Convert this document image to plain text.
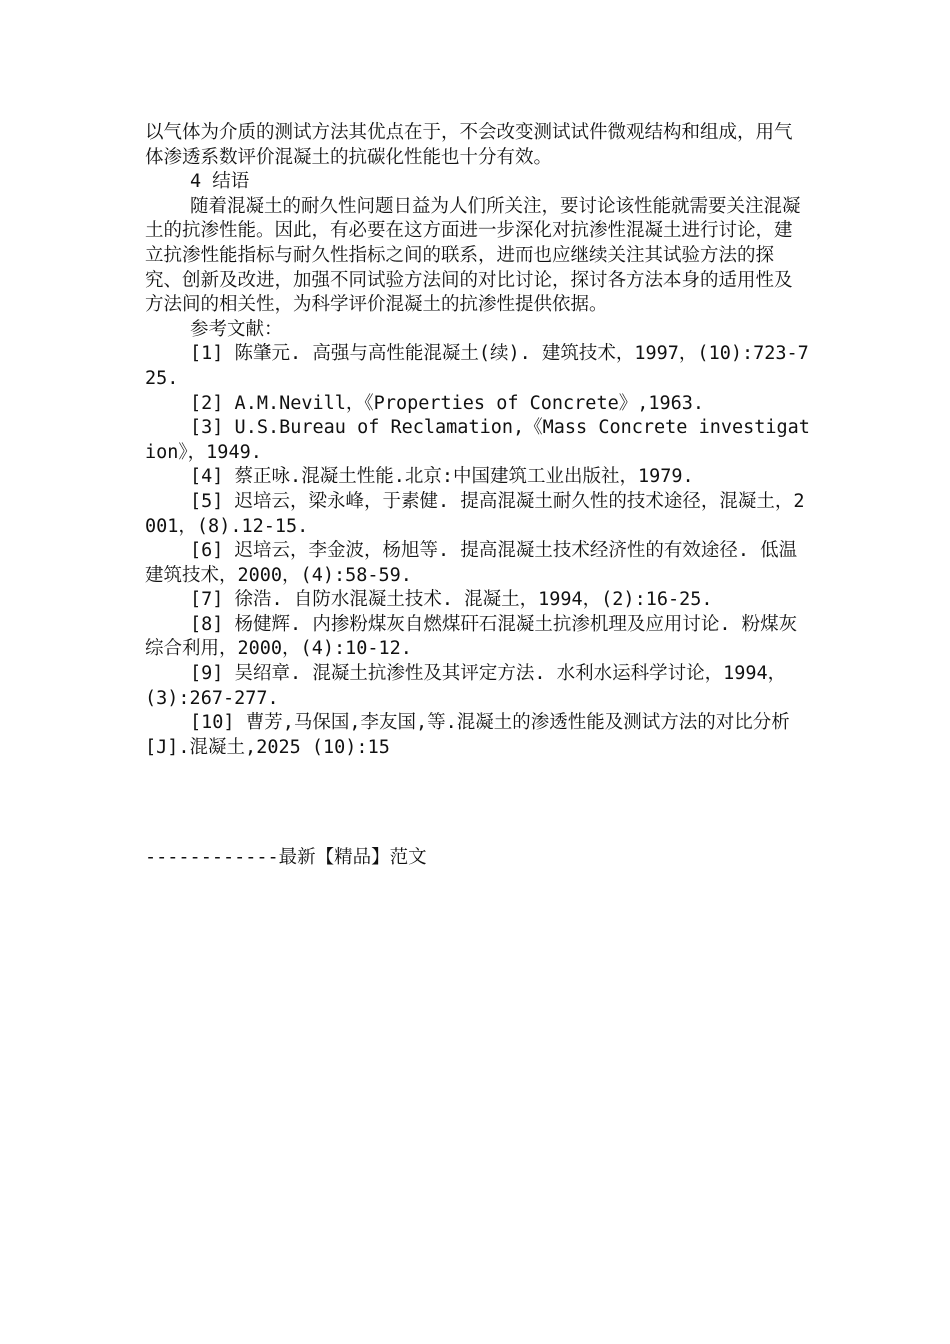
以气体为介质的测试方法其优点在于，不会改变测试试件微观结构和组成，用气体渗透系数评价混凝土的抗碳化性能也十分有效。

4 结语

随着混凝土的耐久性问题日益为人们所关注，要讨论该性能就需要关注混凝土的抗渗性能。因此，有必要在这方面进一步深化对抗渗性混凝土进行讨论，建立抗渗性能指标与耐久性指标之间的联系，进而也应继续关注其试验方法的探究、创新及改进，加强不同试验方法间的对比讨论，探讨各方法本身的适用性及方法间的相关性，为科学评价混凝土的抗渗性提供依据。

参考文献：

[1] 陈肇元. 高强与高性能混凝土(续). 建筑技术，1997，(10):723-725.
[2] A.M.Nevill，《Properties of Concrete》,1963.
[3] U.S.Bureau of Reclamation,《Mass Concrete investigation》，1949.
[4] 蔡正咏.混凝土性能.北京:中国建筑工业出版社，1979.
[5] 迟培云，梁永峰，于素健. 提高混凝土耐久性的技术途径，混凝土，2001，(8).12-15.
[6] 迟培云，李金波，杨旭等. 提高混凝土技术经济性的有效途径. 低温建筑技术，2000，(4):58-59.
[7] 徐浩. 自防水混凝土技术. 混凝土，1994，(2):16-25.
[8] 杨健辉. 内掺粉煤灰自燃煤矸石混凝土抗渗机理及应用讨论. 粉煤灰综合利用，2000，(4):10-12.
[9] 吴绍章. 混凝土抗渗性及其评定方法. 水利水运科学讨论，1994，(3):267-277.
[10] 曹芳,马保国,李友国,等.混凝土的渗透性能及测试方法的对比分析[J].混凝土,2025 (10):15
------------最新【精品】范文
